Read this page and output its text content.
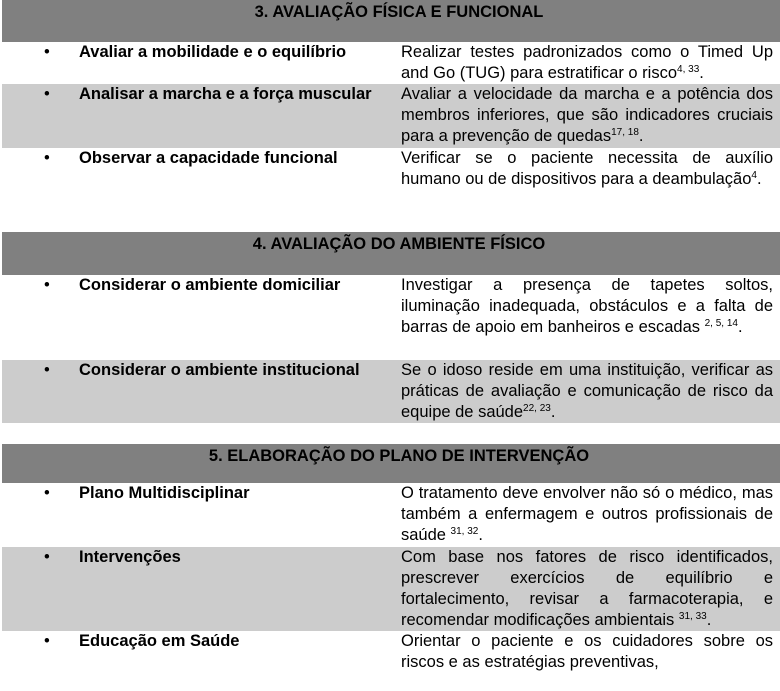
3. AVALIAÇÃO FÍSICA E FUNCIONAL
• Avaliar a mobilidade e o equilíbrio	Realizar testes padronizados como o Timed Up and Go (TUG) para estratificar o risco$^{4, 33}$.
• Analisar a marcha e a força muscular	Avaliar a velocidade da marcha e a potência dos membros inferiores, que são indicadores cruciais para a prevenção de quedas$^{17, 18}$.
• Observar a capacidade funcional	Verificar se o paciente necessita de auxílio humano ou de dispositivos para a deambulação$^4$.
4. AVALIAÇÃO DO AMBIENTE FÍSICO
• Considerar o ambiente domiciliar	Investigar a presença de tapetes soltos, iluminação inadequada, obstáculos e a falta de barras de apoio em banheiros e escadas $^{2, 5, 14}$.
• Considerar o ambiente institucional	Se o idoso reside em uma instituição, verificar as práticas de avaliação e comunicação de risco da equipe de saúde$^{22, 23}$.
5. ELABORAÇÃO DO PLANO DE INTERVENÇÃO
• Plano Multidisciplinar	O tratamento deve envolver não só o médico, mas também a enfermagem e outros profissionais de saúde $^{31, 32}$.
• Intervenções	Com base nos fatores de risco identificados, prescrever exercícios de equilíbrio e fortalecimento, revisar a farmacoterapia, e recomendar modificações ambientais $^{31, 33}$.
• Educação em Saúde	Orientar o paciente e os cuidadores sobre os riscos e as estratégias preventivas,
